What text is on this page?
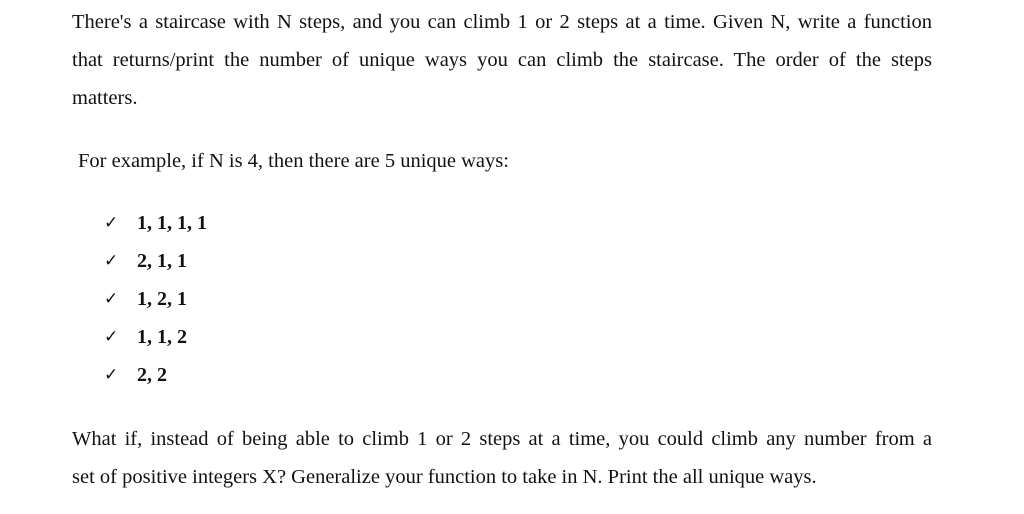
There's a staircase with N steps, and you can climb 1 or 2 steps at a time. Given N, write a function
that returns/print the number of unique ways you can climb the staircase. The order of the steps
matters.

For example, if N is 4, then there are 5 unique ways:

✓ 1, 1, 1, 1
✓ 2, 1, 1
✓ 1, 2, 1
✓ 1, 1, 2
✓ 2, 2

What if, instead of being able to climb 1 or 2 steps at a time, you could climb any number from a
set of positive integers X? Generalize your function to take in N. Print the all unique ways.
